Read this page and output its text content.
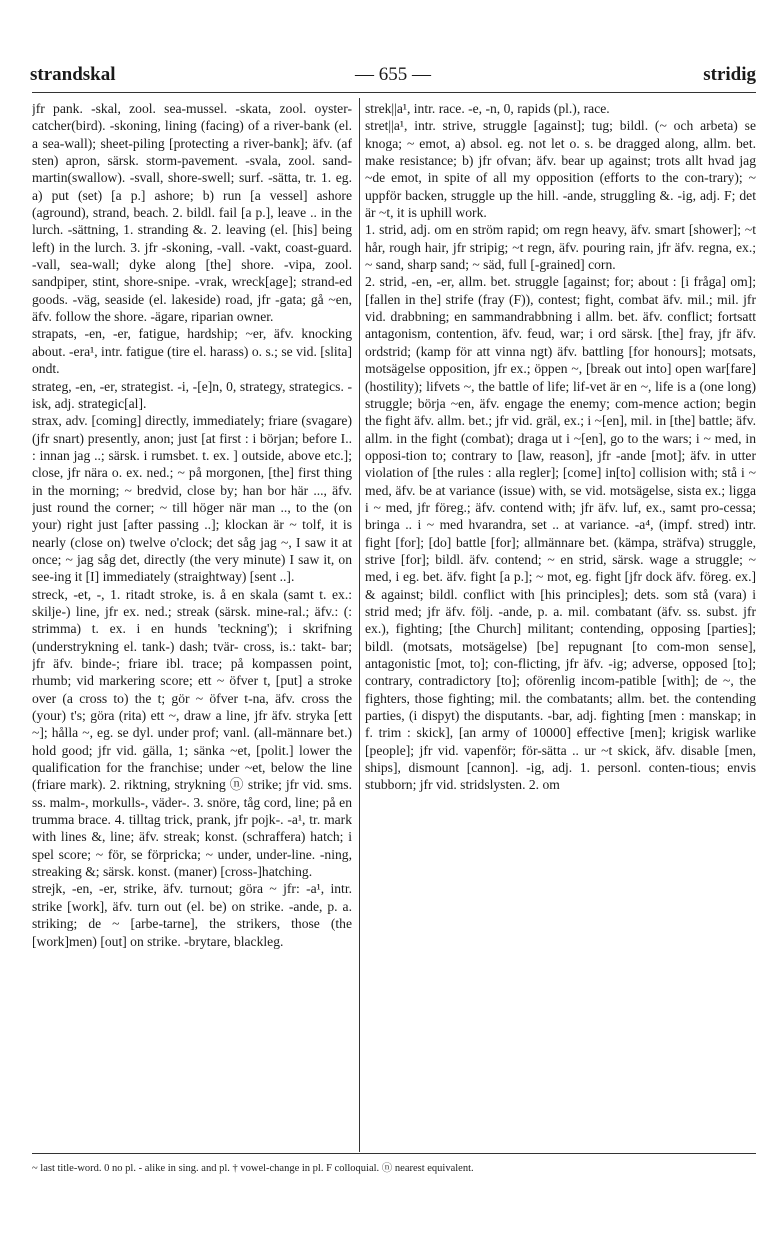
strandskal	— 655 —	stridig

jfr pank. -skal, zool. sea-mussel. -skata, zool. oyster-catcher(bird). -skoning, lining (facing) of a river-bank (el. a sea-wall); sheet-piling [protecting a river-bank]; äfv. (af sten) apron, särsk. storm-pavement. -svala, zool. sand-martin(swallow). -svall, shore-swell; surf. -sätta, tr. 1. eg. a) put (set) [a p.] ashore; b) run [a vessel] ashore (aground), strand, beach. 2. bildl. fail [a p.], leave .. in the lurch. -sättning, 1. stranding &. 2. leaving (el. [his] being left) in the lurch. 3. jfr -skoning, -vall. -vakt, coast-guard. -vall, sea-wall; dyke along [the] shore. -vipa, zool. sandpiper, stint, shore-snipe. -vrak, wreck[age]; strand-ed goods. -väg, seaside (el. lakeside) road, jfr -gata; gå ~en, äfv. follow the shore. -ägare, riparian owner.

strapats, -en, -er, fatigue, hardship; ~er, äfv. knocking about. -era¹, intr. fatigue (tire el. harass) o. s.; se vid. [slita] ondt.

strateg, -en, -er, strategist. -i, -[e]n, 0, strategy, strategics. -isk, adj. strategic[al].

strax, adv. [coming] directly, immediately; friare (svagare) (jfr snart) presently, anon; just [at first : i början; before I.. : innan jag ..; särsk. i rumsbet. t. ex. ] outside, above etc.]; close, jfr nära o. ex. ned.; ~ på morgonen, [the] first thing in the morning; ~ bredvid, close by; han bor här ..., äfv. just round the corner; ~ till höger när man .., to the (on your) right just [after passing ..]; klockan är ~ tolf, it is nearly (close on) twelve o'clock; det såg jag ~, I saw it at once; ~ jag såg det, directly (the very minute) I saw it, on see-ing it [I] immediately (straightway) [sent ..].

streck, -et, -, 1. ritadt stroke, is. å en skala (samt t. ex.: skilje-) line, jfr ex. ned.; streak (särsk. mine-ral.; äfv.: (: strimma) t. ex. i en hunds 'teckning'); i skrifning (understrykning el. tank-) dash; tvär- cross, is.: takt- bar; jfr äfv. binde-; friare ibl. trace; på kompassen point, rhumb; vid markering score; ett ~ öfver t, [put] a stroke over (a cross to) the t; gör ~ öfver t-na, äfv. cross the (your) t's; göra (rita) ett ~, draw a line, jfr äfv. stryka [ett ~]; hålla ~, eg. se dyl. under prof; vanl. (all-männare bet.) hold good; jfr vid. gälla, 1; sänka ~et, [polit.] lower the qualification for the franchise; under ~et, below the line (friare mark). 2. riktning, strykning ⓝ strike; jfr vid. sms. ss. malm-, morkulls-, väder-. 3. snöre, tåg cord, line; på en trumma brace. 4. tilltag trick, prank, jfr pojk-. -a¹, tr. mark with lines &, line; äfv. streak; konst. (schraffera) hatch; i spel score; ~ för, se förpricka; ~ under, under-line. -ning, streaking &; särsk. konst. (maner) [cross-]hatching.

strejk, -en, -er, strike, äfv. turnout; göra ~ jfr: -a¹, intr. strike [work], äfv. turn out (el. be) on strike. -ande, p. a. striking; de ~ [arbe-tarne], the strikers, those (the [work]men) [out] on strike. -brytare, blackleg.

strek||a¹, intr. race. -e, -n, 0, rapids (pl.), race.

stret||a¹, intr. strive, struggle [against]; tug; bildl. (~ och arbeta) se knoga; ~ emot, a) absol. eg. not let o. s. be dragged along, allm. bet. make resistance; b) jfr ofvan; äfv. bear up against; trots allt hvad jag ~de emot, in spite of all my opposition (efforts to the con-trary); ~ uppför backen, struggle up the hill. -ande, struggling &. -ig, adj. F; det är ~t, it is uphill work.

1. strid, adj. om en ström rapid; om regn heavy, äfv. smart [shower]; ~t hår, rough hair, jfr stripig; ~t regn, äfv. pouring rain, jfr äfv. regna, ex.; ~ sand, sharp sand; ~ säd, full [-grained] corn.

2. strid, -en, -er, allm. bet. struggle [against; for; about : [i fråga] om]; [fallen in the] strife (fray (F)), contest; fight, combat äfv. mil.; mil. jfr vid. drabbning; en sammandrabbning i allm. bet. äfv. conflict; fortsatt antagonism, contention, äfv. feud, war; i ord särsk. [the] fray, jfr äfv. ordstrid; (kamp för att vinna ngt) äfv. battling [for honours]; motsats, motsägelse opposition, jfr ex.; öppen ~, [break out into] open war[fare] (hostility); lifvets ~, the battle of life; lif-vet är en ~, life is a (one long) struggle; börja ~en, äfv. engage the enemy; com-mence action; begin the fight äfv. allm. bet.; jfr vid. gräl, ex.; i ~[en], mil. in [the] battle; äfv. allm. in the fight (combat); draga ut i ~[en], go to the wars; i ~ med, in opposi-tion to; contrary to [law, reason], jfr -ande [mot]; äfv. in utter violation of [the rules : alla regler]; [come] in[to] collision with; stå i ~ med, äfv. be at variance (issue) with, se vid. motsägelse, sista ex.; ligga i ~ med, jfr föreg.; äfv. contend with; jfr äfv. luf, ex., samt pro-cessa; bringa .. i ~ med hvarandra, set .. at variance. -a⁴, (impf. stred) intr. fight [for]; [do] battle [for]; allmännare bet. (kämpa, sträfva) struggle, strive [for]; bildl. äfv. contend; ~ en strid, särsk. wage a struggle; ~ med, i eg. bet. äfv. fight [a p.]; ~ mot, eg. fight [jfr dock äfv. föreg. ex.] & against; bildl. conflict with [his principles]; dets. som stå (vara) i strid med; jfr äfv. följ. -ande, p. a. mil. combatant (äfv. ss. subst. jfr ex.), fighting; [the Church] militant; contending, opposing [parties]; bildl. (motsats, motsägelse) [be] repugnant [to com-mon sense], antagonistic [mot, to]; con-flicting, jfr äfv. -ig; adverse, opposed [to]; contrary, contradictory [to]; oförenlig incom-patible [with]; de ~, the fighters, those fighting; mil. the combatants; allm. bet. the contending parties, (i dispyt) the disputants. -bar, adj. fighting [men : manskap; in f. trim : skick], [an army of 10000] effective [men]; krigisk warlike [people]; jfr vid. vapenför; för-sätta .. ur ~t skick, äfv. disable [men, ships], dismount [cannon]. -ig, adj. 1. personl. conten-tious; envis stubborn; jfr vid. stridslysten. 2. om

~ last title-word. 0 no pl. - alike in sing. and pl. † vowel-change in pl. F colloquial. ⓝ nearest equivalent.
